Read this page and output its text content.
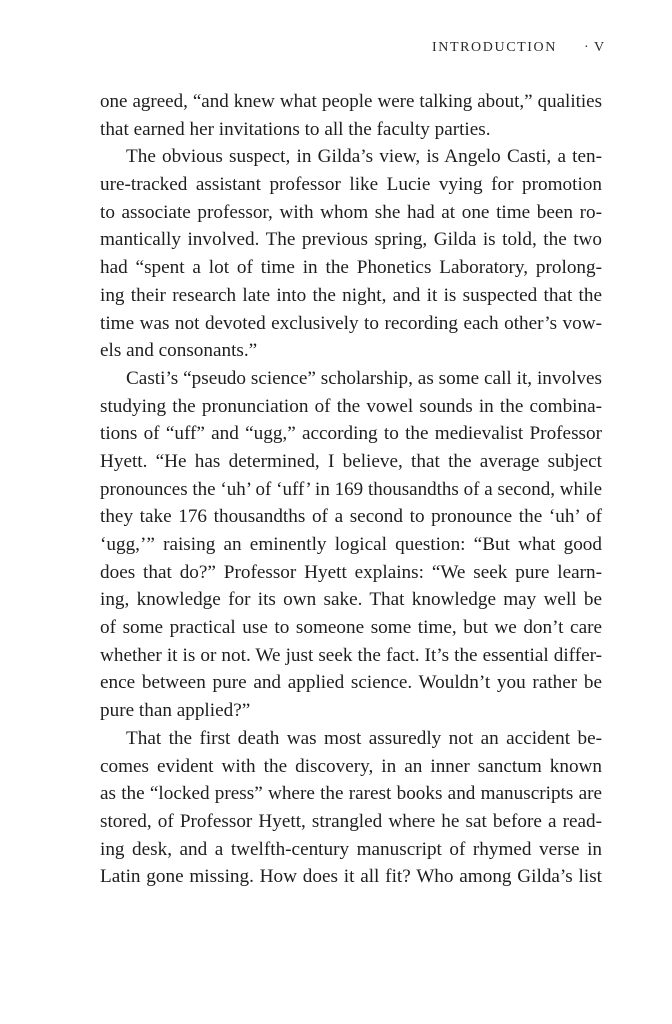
INTRODUCTION · V
one agreed, “and knew what people were talking about,” qualities
that earned her invitations to all the faculty parties.
The obvious suspect, in Gilda’s view, is Angelo Casti, a ten-
ure-tracked assistant professor like Lucie vying for promotion
to associate professor, with whom she had at one time been ro-
mantically involved. The previous spring, Gilda is told, the two
had “spent a lot of time in the Phonetics Laboratory, prolong-
ing their research late into the night, and it is suspected that the
time was not devoted exclusively to recording each other’s vow-
els and consonants.”
Casti’s “pseudo science” scholarship, as some call it, involves
studying the pronunciation of the vowel sounds in the combina-
tions of “uff” and “ugg,” according to the medievalist Professor
Hyett. “He has determined, I believe, that the average subject
pronounces the ‘uh’ of ‘uff’ in 169 thousandths of a second, while
they take 176 thousandths of a second to pronounce the ‘uh’ of
‘ugg,’” raising an eminently logical question: “But what good
does that do?” Professor Hyett explains: “We seek pure learn-
ing, knowledge for its own sake. That knowledge may well be
of some practical use to someone some time, but we don’t care
whether it is or not. We just seek the fact. It’s the essential differ-
ence between pure and applied science. Wouldn’t you rather be
pure than applied?”
That the first death was most assuredly not an accident be-
comes evident with the discovery, in an inner sanctum known
as the “locked press” where the rarest books and manuscripts are
stored, of Professor Hyett, strangled where he sat before a read-
ing desk, and a twelfth-century manuscript of rhymed verse in
Latin gone missing. How does it all fit? Who among Gilda’s list
